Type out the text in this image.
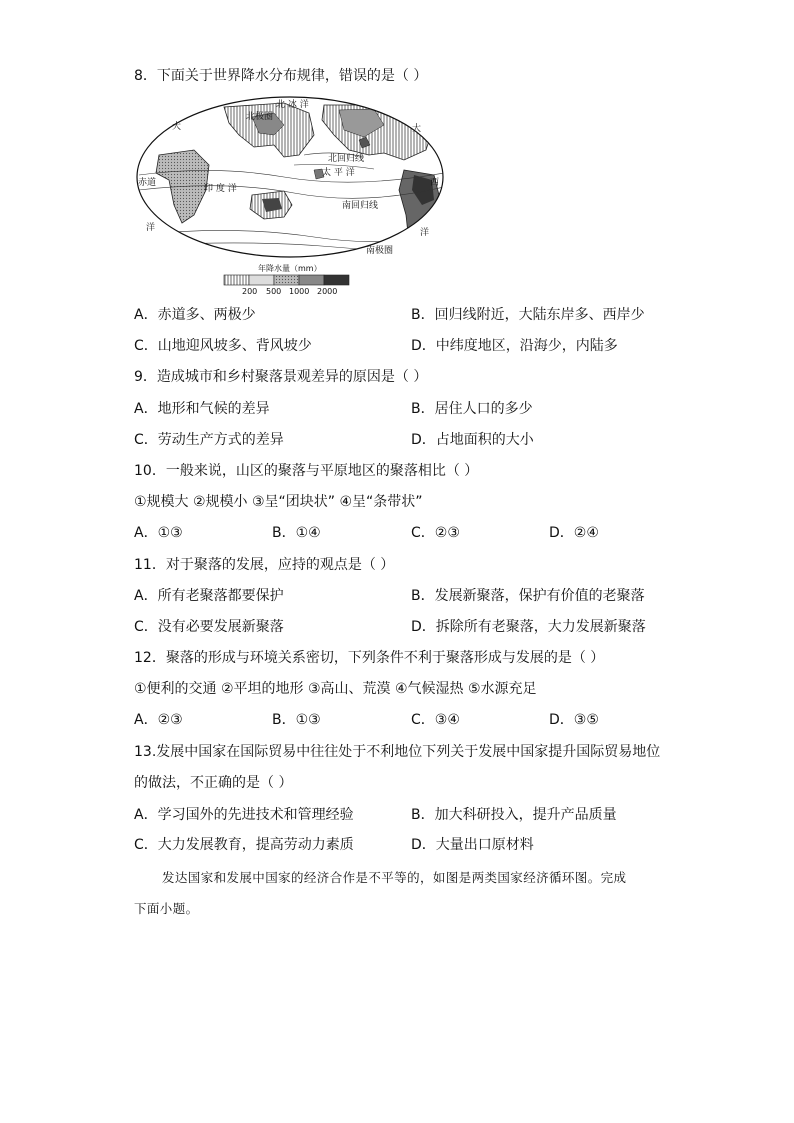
8．下面关于世界降水分布规律，错误的是（ ）
北 冰 洋
北极圈
北回归线
太 平 洋
印 度 洋
南回归线
南极圈
赤道
大	大
洋	洋
西
年降水量（mm）
200 500 1000 2000
A．赤道多、两极少	B．回归线附近，大陆东岸多、西岸少
C．山地迎风坡多、背风坡少	D．中纬度地区，沿海少，内陆多
9．造成城市和乡村聚落景观差异的原因是（ ）
A．地形和气候的差异	B．居住人口的多少
C．劳动生产方式的差异	D．占地面积的大小
10．一般来说，山区的聚落与平原地区的聚落相比（ ）
①规模大 ②规模小 ③呈“团块状” ④呈“条带状”
A．①③	B．①④	C．②③	D．②④
11．对于聚落的发展，应持的观点是（ ）
A．所有老聚落都要保护	B．发展新聚落，保护有价值的老聚落
C．没有必要发展新聚落	D．拆除所有老聚落，大力发展新聚落
12．聚落的形成与环境关系密切，下列条件不利于聚落形成与发展的是（ ）
①便利的交通 ②平坦的地形 ③高山、荒漠 ④气候湿热 ⑤水源充足
A．②③	B．①③	C．③④	D．③⑤
13.发展中国家在国际贸易中往往处于不利地位下列关于发展中国家提升国际贸易地位
的做法，不正确的是（ ）
A．学习国外的先进技术和管理经验	B．加大科研投入，提升产品质量
C．大力发展教育，提高劳动力素质	D．大量出口原材料
发达国家和发展中国家的经济合作是不平等的，如图是两类国家经济循环图。完成
下面小题。
